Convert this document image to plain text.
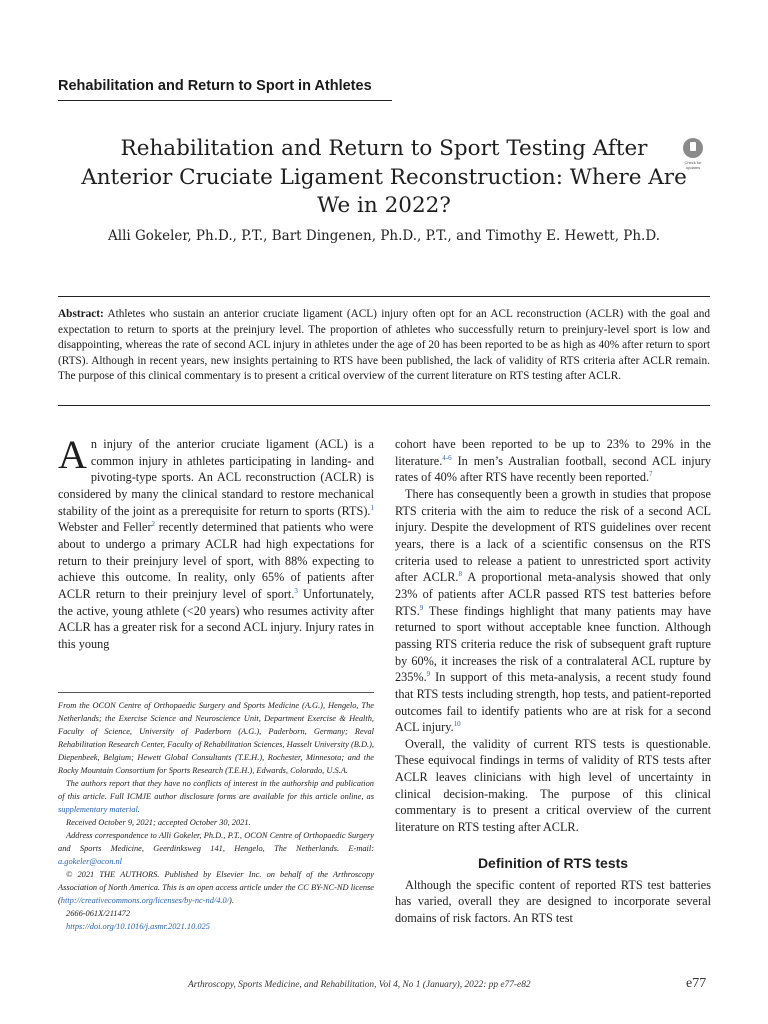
Rehabilitation and Return to Sport in Athletes
Rehabilitation and Return to Sport Testing After Anterior Cruciate Ligament Reconstruction: Where Are We in 2022?
Check for updates
Alli Gokeler, Ph.D., P.T., Bart Dingenen, Ph.D., P.T., and Timothy E. Hewett, Ph.D.
Abstract: Athletes who sustain an anterior cruciate ligament (ACL) injury often opt for an ACL reconstruction (ACLR) with the goal and expectation to return to sports at the preinjury level. The proportion of athletes who successfully return to preinjury-level sport is low and disappointing, whereas the rate of second ACL injury in athletes under the age of 20 has been reported to be as high as 40% after return to sport (RTS). Although in recent years, new insights pertaining to RTS have been published, the lack of validity of RTS criteria after ACLR remain. The purpose of this clinical commentary is to present a critical overview of the current literature on RTS testing after ACLR.

An injury of the anterior cruciate ligament (ACL) is a common injury in athletes participating in landing- and pivoting-type sports. An ACL reconstruction (ACLR) is considered by many the clinical standard to restore mechanical stability of the joint as a prerequisite for return to sports (RTS).$^1$ Webster and Feller$^2$ recently determined that patients who were about to undergo a primary ACLR had high expectations for return to their preinjury level of sport, with 88% expecting to achieve this outcome. In reality, only 65% of patients after ACLR return to their preinjury level of sport.$^3$ Unfortunately, the active, young athlete (<20 years) who resumes activity after ACLR has a greater risk for a second ACL injury. Injury rates in this young

From the OCON Centre of Orthopaedic Surgery and Sports Medicine (A.G.), Hengelo, The Netherlands; the Exercise Science and Neuroscience Unit, Department Exercise & Health, Faculty of Science, University of Paderborn (A.G.), Paderborn, Germany; Reval Rehabilitation Research Center, Faculty of Rehabilitation Sciences, Hasselt University (B.D.), Diepenbeek, Belgium; Hewett Global Consultants (T.E.H.), Rochester, Minnesota; and the Rocky Mountain Consortium for Sports Research (T.E.H.), Edwards, Colorado, U.S.A.

The authors report that they have no conflicts of interest in the authorship and publication of this article. Full ICMJE author disclosure forms are available for this article online, as supplementary material.

Received October 9, 2021; accepted October 30, 2021.

Address correspondence to Alli Gokeler, Ph.D., P.T., OCON Centre of Orthopaedic Surgery and Sports Medicine, Geerdinksweg 141, Hengelo, The Netherlands. E-mail: a.gokeler@ocon.nl

© 2021 THE AUTHORS. Published by Elsevier Inc. on behalf of the Arthroscopy Association of North America. This is an open access article under the CC BY-NC-ND license (http://creativecommons.org/licenses/by-nc-nd/4.0/).

2666-061X/211472

https://doi.org/10.1016/j.asmr.2021.10.025

cohort have been reported to be up to 23% to 29% in the literature.$^{4-6}$ In men’s Australian football, second ACL injury rates of 40% after RTS have recently been reported.$^7$

There has consequently been a growth in studies that propose RTS criteria with the aim to reduce the risk of a second ACL injury. Despite the development of RTS guidelines over recent years, there is a lack of a scientific consensus on the RTS criteria used to release a patient to unrestricted sport activity after ACLR.$^8$ A proportional meta-analysis showed that only 23% of patients after ACLR passed RTS test batteries before RTS.$^9$ These findings highlight that many patients may have returned to sport without acceptable knee function. Although passing RTS criteria reduce the risk of subsequent graft rupture by 60%, it increases the risk of a contralateral ACL rupture by 235%.$^9$ In support of this meta-analysis, a recent study found that RTS tests including strength, hop tests, and patient-reported outcomes fail to identify patients who are at risk for a second ACL injury.$^{10}$

Overall, the validity of current RTS tests is questionable. These equivocal findings in terms of validity of RTS tests after ACLR leaves clinicians with high level of uncertainty in clinical decision-making. The purpose of this clinical commentary is to present a critical overview of the current literature on RTS testing after ACLR.

Definition of RTS tests

Although the specific content of reported RTS test batteries has varied, overall they are designed to incorporate several domains of risk factors. An RTS test

Arthroscopy, Sports Medicine, and Rehabilitation, Vol 4, No 1 (January), 2022: pp e77-e82	e77
